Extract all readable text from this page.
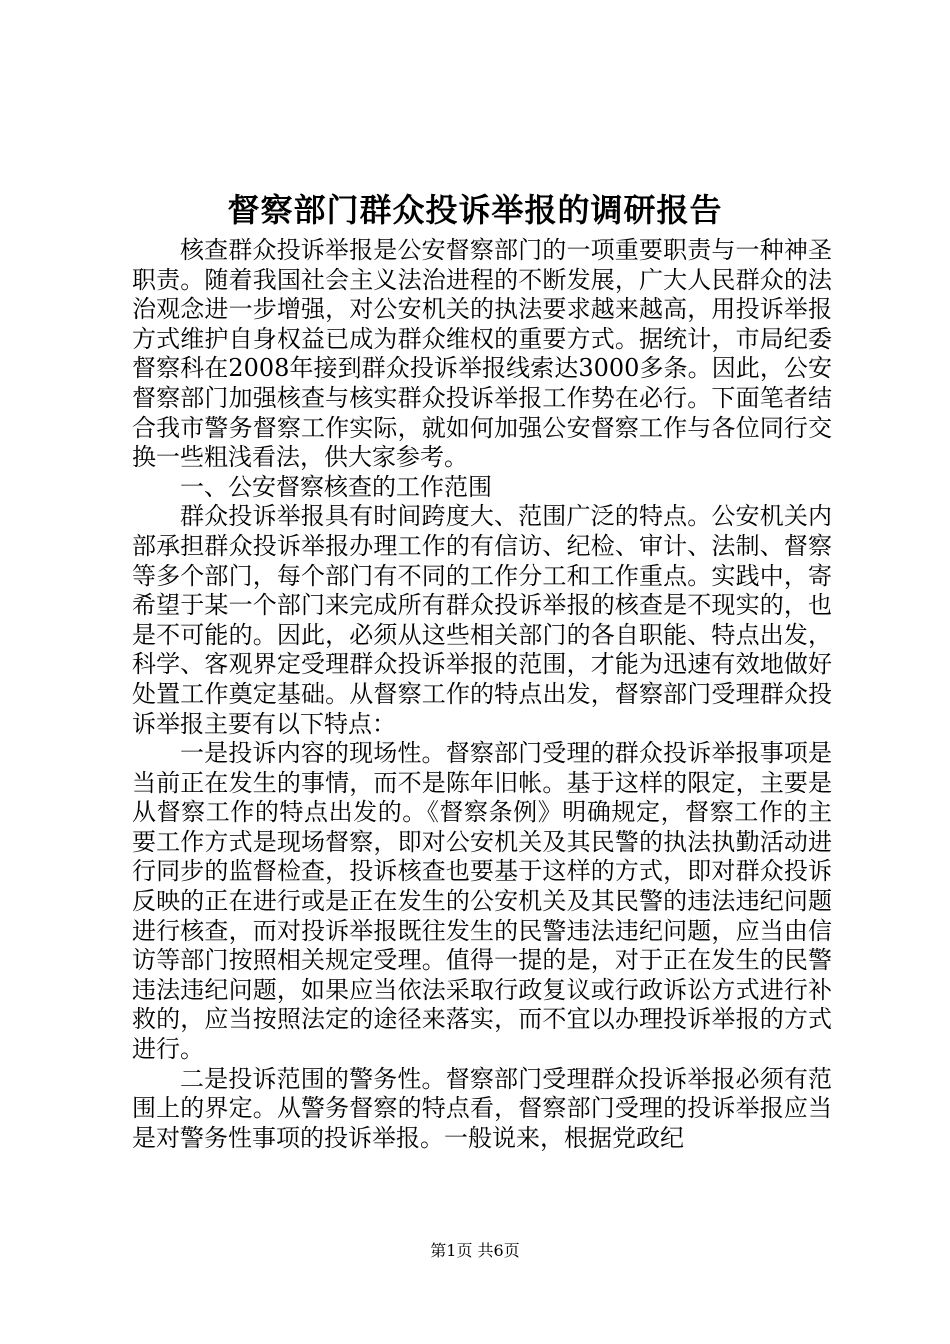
督察部门群众投诉举报的调研报告

核查群众投诉举报是公安督察部门的一项重要职责与一种神圣职责。随着我国社会主义法治进程的不断发展，广大人民群众的法治观念进一步增强，对公安机关的执法要求越来越高，用投诉举报方式维护自身权益已成为群众维权的重要方式。据统计，市局纪委督察科在2008年接到群众投诉举报线索达3000多条。因此，公安督察部门加强核查与核实群众投诉举报工作势在必行。下面笔者结合我市警务督察工作实际，就如何加强公安督察工作与各位同行交换一些粗浅看法，供大家参考。

一、公安督察核查的工作范围

群众投诉举报具有时间跨度大、范围广泛的特点。公安机关内部承担群众投诉举报办理工作的有信访、纪检、审计、法制、督察等多个部门，每个部门有不同的工作分工和工作重点。实践中，寄希望于某一个部门来完成所有群众投诉举报的核查是不现实的，也是不可能的。因此，必须从这些相关部门的各自职能、特点出发，科学、客观界定受理群众投诉举报的范围，才能为迅速有效地做好处置工作奠定基础。从督察工作的特点出发，督察部门受理群众投诉举报主要有以下特点：

一是投诉内容的现场性。督察部门受理的群众投诉举报事项是当前正在发生的事情，而不是陈年旧帐。基于这样的限定，主要是从督察工作的特点出发的。《督察条例》明确规定，督察工作的主要工作方式是现场督察，即对公安机关及其民警的执法执勤活动进行同步的监督检查，投诉核查也要基于这样的方式，即对群众投诉反映的正在进行或是正在发生的公安机关及其民警的违法违纪问题进行核查，而对投诉举报既往发生的民警违法违纪问题，应当由信访等部门按照相关规定受理。值得一提的是，对于正在发生的民警违法违纪问题，如果应当依法采取行政复议或行政诉讼方式进行补救的，应当按照法定的途径来落实，而不宜以办理投诉举报的方式进行。

二是投诉范围的警务性。督察部门受理群众投诉举报必须有范围上的界定。从警务督察的特点看，督察部门受理的投诉举报应当是对警务性事项的投诉举报。一般说来，根据党政纪

第1页 共6页
